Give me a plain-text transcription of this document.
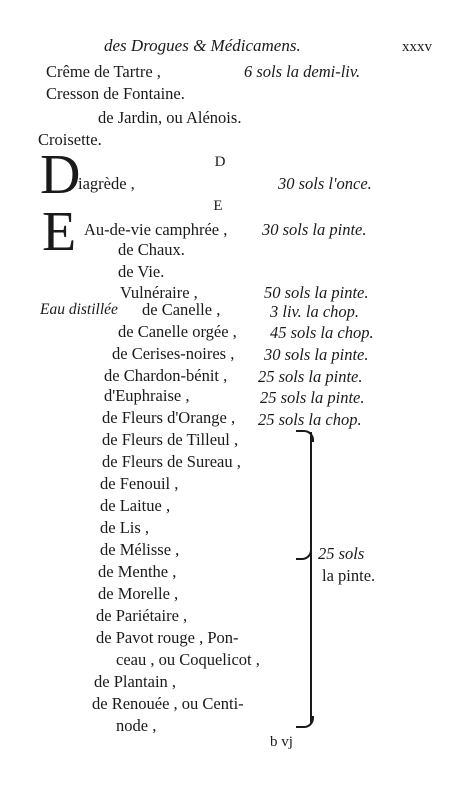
des Drogues & Médicamens.	xxxv
Crême de Tartre ,	6 sols la demi-liv.
Cresson de Fontaine.
de Jardin, ou Alénois.
Croisette.
D
D
iagrède ,	30 sols l'once.
E
E Au-de-vie camphrée , 30 sols la pinte.
de Chaux.
de Vie.
Vulnéraire ,	50 sols la pinte.
Eau distillée de Canelle ,	3 liv. la chop.
de Canelle orgée , 45 sols la chop.
de Cerises-noires , 30 sols la pinte.
de Chardon-bénit , 25 sols la pinte.
d'Euphraise ,	25 sols la pinte.
de Fleurs d'Orange , 25 sols la chop.
de Fleurs de Tilleul ,
de Fleurs de Sureau ,
de Fenouil ,
de Laitue ,
de Lis ,
de Mélisse ,
de Menthe ,
de Morelle ,
de Pariétaire ,
de Pavot rouge , Pon-
ceau , ou Coquelicot ,
de Plantain ,
de Renouée , ou Centi-
node ,
25 sols
la pinte.
b vj
